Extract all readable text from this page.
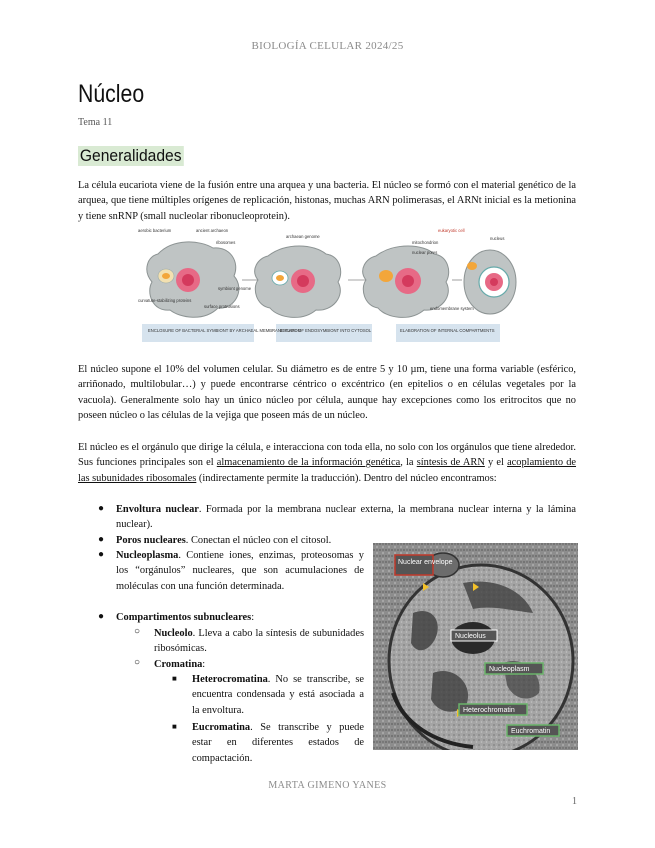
BIOLOGÍA CELULAR 2024/25
Núcleo
Tema 11
Generalidades
La célula eucariota viene de la fusión entre una arquea y una bacteria. El núcleo se formó con el material genético de la arquea, que tiene múltiples orígenes de replicación, histonas, muchas ARN polimerasas, el ARNt inicial es la metionina y tiene snRNP (small nucleolar ribonucleoprotein).
aerobic bacterium	ancient archaeon
ribosomes
archaean genome
symbiont genome
curvature-stabilizing proteins
surface protrusions
eukaryotic cell
nucleus
mitochondrion
nuclear pores
endomembrane system
ENCLOSURE OF BACTERIAL SYMBIONT BY ARCHAEAL MEMBRANE FUSION
ESCAPE OF ENDOSYMBIONT INTO CYTOSOL	ELABORATION OF INTERNAL COMPARTMENTS
El núcleo supone el 10% del volumen celular. Su diámetro es de entre 5 y 10 µm, tiene una forma variable (esférico, arriñonado, multilobular…) y puede encontrarse céntrico o excéntrico (en epitelios o en células vegetales por la vacuola). Generalmente solo hay un único núcleo por célula, aunque hay excepciones como los eritrocitos que no poseen núcleo o las células de la vejiga que poseen más de un núcleo.
El núcleo es el orgánulo que dirige la célula, e interacciona con toda ella, no solo con los orgánulos que tiene alrededor. Sus funciones principales son el almacenamiento de la información genética, la síntesis de ARN y el acoplamiento de las subunidades ribosomales (indirectamente permite la traducción). Dentro del núcleo encontramos:
● Envoltura nuclear. Formada por la membrana nuclear externa, la membrana nuclear interna y la lámina nuclear).
● Poros nucleares. Conectan el núcleo con el citosol.
● Nucleoplasma. Contiene iones, enzimas, proteosomas y los “orgánulos” nucleares, que son acumulaciones de moléculas con una función determinada.
● Compartimentos subnucleares:
○ Nucleolo. Lleva a cabo la síntesis de subunidades ribosómicas.
○ Cromatina:
■ Heterocromatina. No se transcribe, se encuentra condensada y está asociada a la envoltura.
■ Eucromatina. Se transcribe y puede estar en diferentes estados de compactación.
Nuclear envelope
Nucleolus
Nucleoplasm
Heterochromatin
Euchromatin
MARTA GIMENO YANES
1
